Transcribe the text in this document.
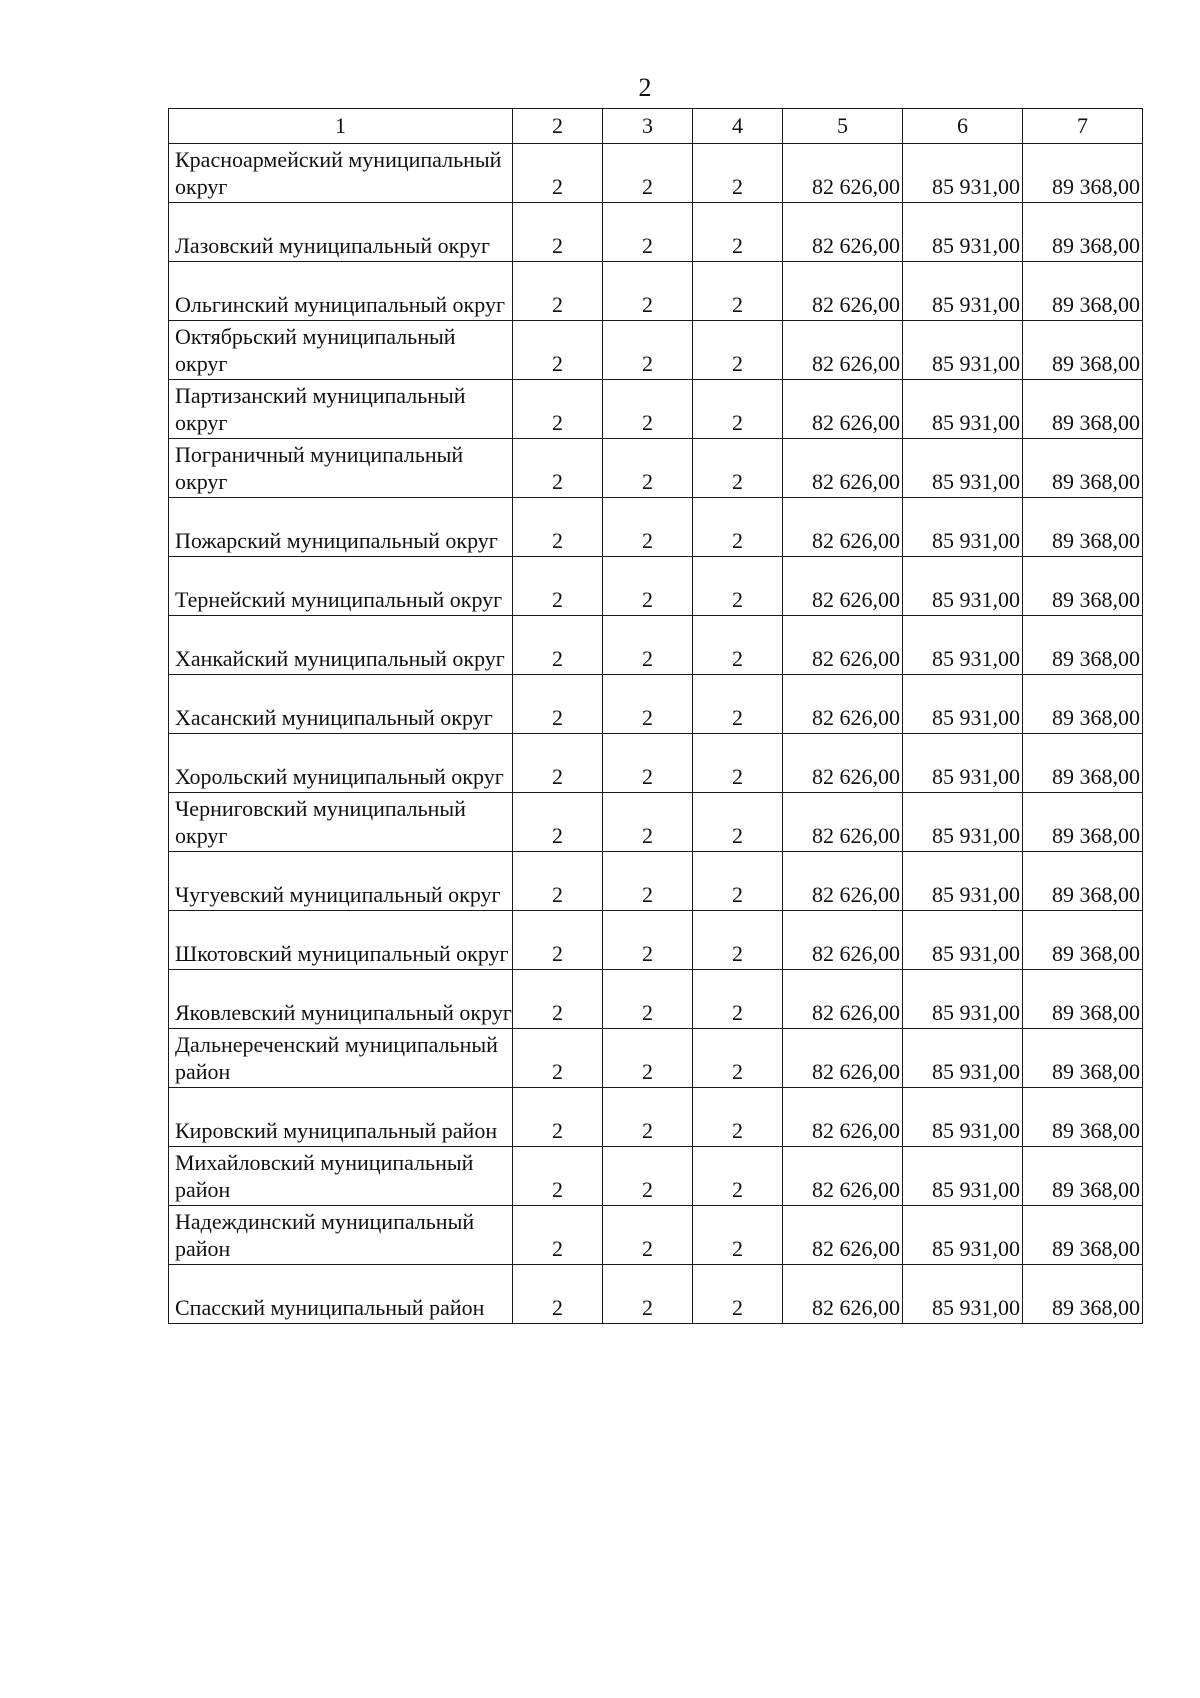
2
1	2	3	4	5	6	7
Красноармейский муниципальный округ	2	2	2	82 626,00	85 931,00	89 368,00
Лазовский муниципальный округ	2	2	2	82 626,00	85 931,00	89 368,00
Ольгинский муниципальный округ	2	2	2	82 626,00	85 931,00	89 368,00
Октябрьский муниципальный округ	2	2	2	82 626,00	85 931,00	89 368,00
Партизанский муниципальный округ	2	2	2	82 626,00	85 931,00	89 368,00
Пограничный муниципальный округ	2	2	2	82 626,00	85 931,00	89 368,00
Пожарский муниципальный округ	2	2	2	82 626,00	85 931,00	89 368,00
Тернейский муниципальный округ	2	2	2	82 626,00	85 931,00	89 368,00
Ханкайский муниципальный округ	2	2	2	82 626,00	85 931,00	89 368,00
Хасанский муниципальный округ	2	2	2	82 626,00	85 931,00	89 368,00
Хорольский муниципальный округ	2	2	2	82 626,00	85 931,00	89 368,00
Черниговский муниципальный округ	2	2	2	82 626,00	85 931,00	89 368,00
Чугуевский муниципальный округ	2	2	2	82 626,00	85 931,00	89 368,00
Шкотовский муниципальный округ	2	2	2	82 626,00	85 931,00	89 368,00
Яковлевский муниципальный округ	2	2	2	82 626,00	85 931,00	89 368,00
Дальнереченский муниципальный район	2	2	2	82 626,00	85 931,00	89 368,00
Кировский муниципальный район	2	2	2	82 626,00	85 931,00	89 368,00
Михайловский муниципальный район	2	2	2	82 626,00	85 931,00	89 368,00
Надеждинский муниципальный район	2	2	2	82 626,00	85 931,00	89 368,00
Спасский муниципальный район	2	2	2	82 626,00	85 931,00	89 368,00
